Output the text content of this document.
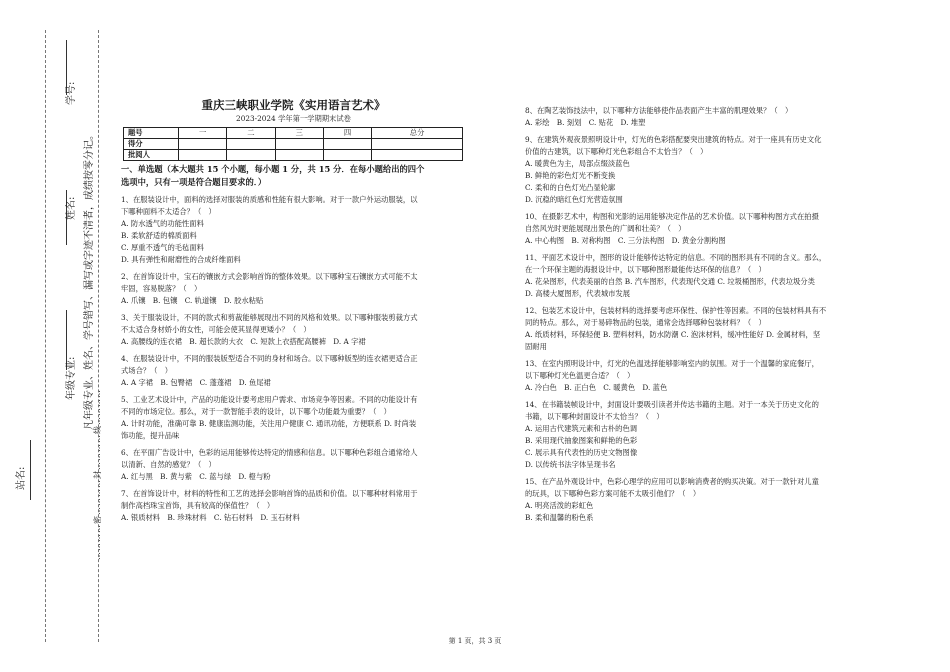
学号:
姓名:
年级专业:
站名:
凡年级专业、姓名、学号错写、漏写或字迹不清者，成绩按零分记。
…………密…………封…………线…………
重庆三峡职业学院《实用语言艺术》
2023-2024 学年第一学期期末试卷
题号	一	二	三	四	总分
得分					
批阅人					
一、单选题（本大题共 15 个小题，每小题 1 分，共 15 分．在每小题给出的四个
选项中，只有一项是符合题目要求的．）

1、在服装设计中，面料的选择对服装的质感和性能有很大影响。对于一款户外运动服装，以

下哪种面料不太适合？（　）

A. 防水透气的功能性面料

B. 柔软舒适的棉质面料

C. 厚重不透气的毛毡面料

D. 具有弹性和耐磨性的合成纤维面料

2、在首饰设计中，宝石的镶嵌方式会影响首饰的整体效果。以下哪种宝石镶嵌方式可能不太

牢固，容易脱落？（　）

A. 爪镶　B. 包镶　C. 轨道镶　D. 胶水粘贴

3、关于服装设计，不同的款式和剪裁能够展现出不同的风格和效果。以下哪种服装剪裁方式

不太适合身材娇小的女性，可能会使其显得更矮小？（　）

A. 高腰线的连衣裙　B. 超长款的大衣　C. 短款上衣搭配高腰裤　D. A 字裙

4、在服装设计中，不同的服装版型适合不同的身材和场合。以下哪种版型的连衣裙更适合正

式场合？（　）

A. A 字裙　B. 包臀裙　C. 蓬蓬裙　D. 鱼尾裙

5、工业艺术设计中，产品的功能设计要考虑用户需求、市场竞争等因素。不同的功能设计有

不同的市场定位。那么，对于一款智能手表的设计，以下哪个功能最为重要？（　）

A. 计时功能，准确可靠 B. 健康监测功能，关注用户健康 C. 通讯功能，方便联系 D. 时尚装

饰功能，提升品味

6、在平面广告设计中，色彩的运用能够传达特定的情感和信息。以下哪种色彩组合通常给人

以清新、自然的感觉？（　）

A. 红与黑　B. 黄与紫　C. 蓝与绿　D. 橙与粉

7、在首饰设计中，材料的特性和工艺的选择会影响首饰的品质和价值。以下哪种材料常用于

制作高档珠宝首饰，具有较高的保值性？（　）

A. 银质材料　B. 珍珠材料　C. 钻石材料　D. 玉石材料

8、在陶艺装饰技法中，以下哪种方法能够使作品表面产生丰富的肌理效果？（　）

A. 彩绘　B. 刻划　C. 贴花　D. 堆塑

9、在建筑外观夜景照明设计中，灯光的色彩搭配要突出建筑的特点。对于一座具有历史文化

价值的古建筑，以下哪种灯光色彩组合不太恰当？（　）

A. 暖黄色为主，局部点缀淡蓝色

B. 鲜艳的彩色灯光不断变换

C. 柔和的白色灯光凸显轮廓

D. 沉稳的暗红色灯光营造氛围

10、在摄影艺术中，构图和光影的运用能够决定作品的艺术价值。以下哪种构图方式在拍摄

自然风光时更能展现出景色的广阔和壮美？（　）

A. 中心构图　B. 对称构图　C. 三分法构图　D. 黄金分割构图

11、平面艺术设计中，图形的设计能够传达特定的信息。不同的图形具有不同的含义。那么，

在一个环保主题的海报设计中，以下哪种图形最能传达环保的信息？（　）

A. 花朵图形，代表美丽的自然 B. 汽车图形，代表现代交通 C. 垃圾桶图形，代表垃圾分类

D. 高楼大厦图形，代表城市发展

12、包装艺术设计中，包装材料的选择要考虑环保性、保护性等因素。不同的包装材料具有不

同的特点。那么，对于易碎物品的包装，通常会选择哪种包装材料？（　）

A. 纸质材料，环保轻便 B. 塑料材料，防水防潮 C. 泡沫材料，缓冲性能好 D. 金属材料，坚

固耐用

13、在室内照明设计中，灯光的色温选择能够影响室内的氛围。对于一个温馨的家庭餐厅，

以下哪种灯光色温更合适？（　）

A. 冷白色　B. 正白色　C. 暖黄色　D. 蓝色

14、在书籍装帧设计中，封面设计要吸引读者并传达书籍的主题。对于一本关于历史文化的

书籍，以下哪种封面设计不太恰当？（　）

A. 运用古代建筑元素和古朴的色调

B. 采用现代抽象图案和鲜艳的色彩

C. 展示具有代表性的历史文物图像

D. 以传统书法字体呈现书名

15、在产品外观设计中，色彩心理学的应用可以影响消费者的购买决策。对于一款针对儿童

的玩具，以下哪种色彩方案可能不太吸引他们？（　）

A. 明亮活泼的彩虹色

B. 柔和温馨的粉色系

第 1 页，共 3 页
